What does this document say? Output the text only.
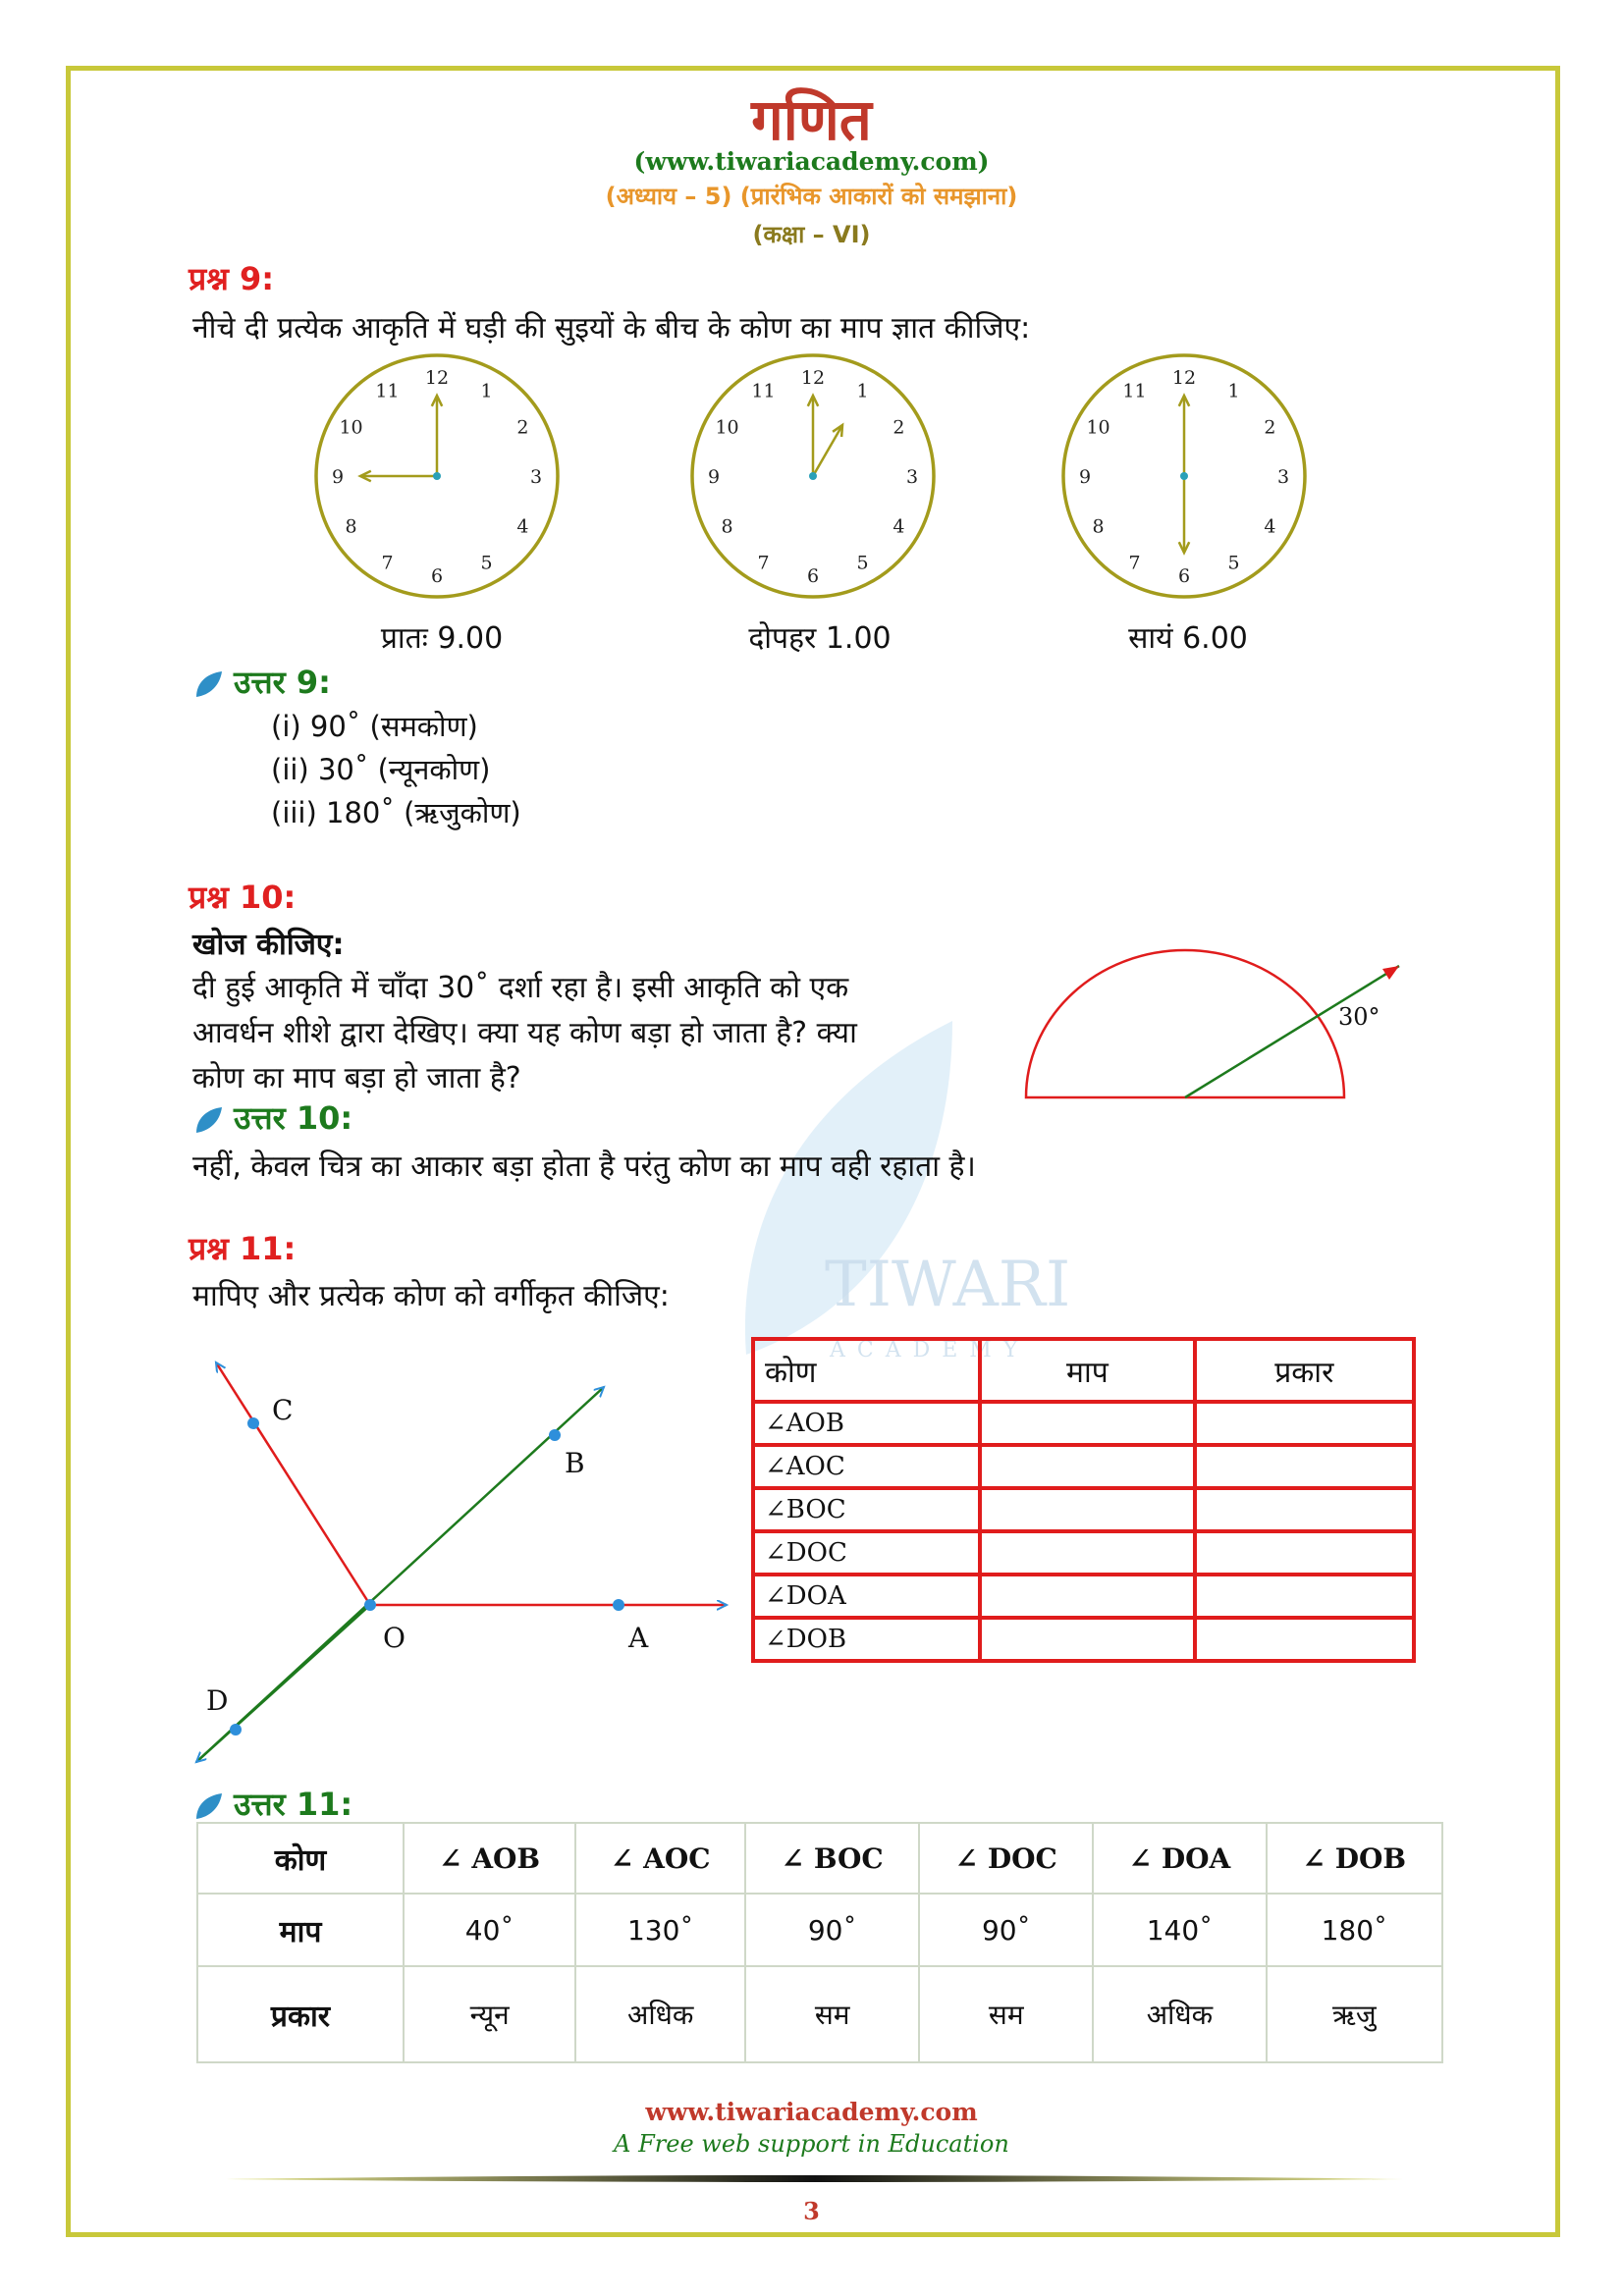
TIWARI
ACADEMY
गणित
(www.tiwariacademy.com)
(अध्याय – 5) (प्रारंभिक आकारों को समझाना)
(कक्षा – VI)
प्रश्न 9:
नीचे दी प्रत्येक आकृति में घड़ी की सुइयों के बीच के कोण का माप ज्ञात कीजिए:
12
1
2
3
4
5
6
7
8
9
10
11
12
1
2
3
4
5
6
7
8
9
10
11
12
1
2
3
4
5
6
7
8
9
10
11
प्रातः 9.00	दोपहर 1.00	सायं 6.00
उत्तर 9:
(i) 90˚ (समकोण)
(ii) 30˚ (न्यूनकोण)
(iii) 180˚ (ऋजुकोण)
प्रश्न 10:
खोज कीजिए:
दी हुई आकृति में चाँदा 30˚ दर्शा रहा है। इसी आकृति को एक
आवर्धन शीशे द्वारा देखिए। क्या यह कोण बड़ा हो जाता है? क्या
कोण का माप बड़ा हो जाता है?
30°
उत्तर 10:
नहीं, केवल चित्र का आकार बड़ा होता है परंतु कोण का माप वही रहाता है।
प्रश्न 11:
मापिए और प्रत्येक कोण को वर्गीकृत कीजिए:
C
B
O	A
D
कोण	माप	प्रकार
∠AOB		
∠AOC		
∠BOC		
∠DOC		
∠DOA		
∠DOB		
उत्तर 11:
कोण	∠ AOB	∠ AOC	∠ BOC	∠ DOC	∠ DOA	∠ DOB
माप	40˚	130˚	90˚	90˚	140˚	180˚
प्रकार	न्यून	अधिक	सम	सम	अधिक	ऋजु
www.tiwariacademy.com
A Free web support in Education
3
